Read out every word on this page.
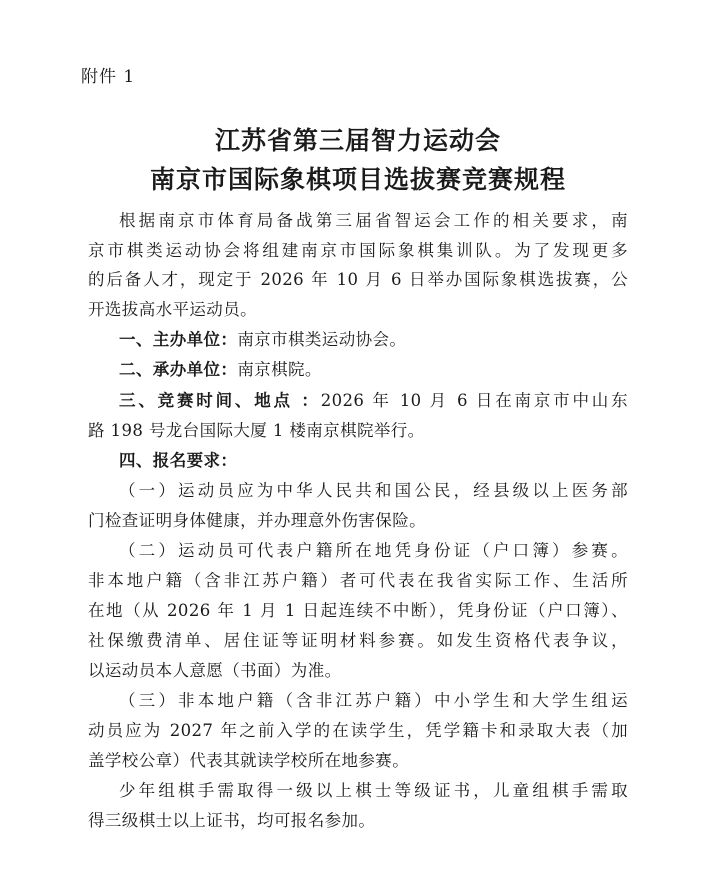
附件 1
江苏省第三届智力运动会
南京市国际象棋项目选拔赛竞赛规程
根据南京市体育局备战第三届省智运会工作的相关要求，南
京市棋类运动协会将组建南京市国际象棋集训队。为了发现更多
的后备人才，现定于 2026 年 10 月 6 日举办国际象棋选拔赛，公
开选拔高水平运动员。
一、主办单位：南京市棋类运动协会。
二、承办单位：南京棋院。
三、竞赛时间、地点 ：2026 年 10 月 6 日在南京市中山东
路 198 号龙台国际大厦 1 楼南京棋院举行。
四、报名要求：
（一）运动员应为中华人民共和国公民，经县级以上医务部
门检查证明身体健康，并办理意外伤害保险。
（二）运动员可代表户籍所在地凭身份证（户口簿）参赛。
非本地户籍（含非江苏户籍）者可代表在我省实际工作、生活所
在地（从 2026 年 1 月 1 日起连续不中断），凭身份证（户口簿）、
社保缴费清单、居住证等证明材料参赛。如发生资格代表争议，
以运动员本人意愿（书面）为准。
（三）非本地户籍（含非江苏户籍）中小学生和大学生组运
动员应为 2027 年之前入学的在读学生，凭学籍卡和录取大表（加
盖学校公章）代表其就读学校所在地参赛。
少年组棋手需取得一级以上棋士等级证书，儿童组棋手需取
得三级棋士以上证书，均可报名参加。
